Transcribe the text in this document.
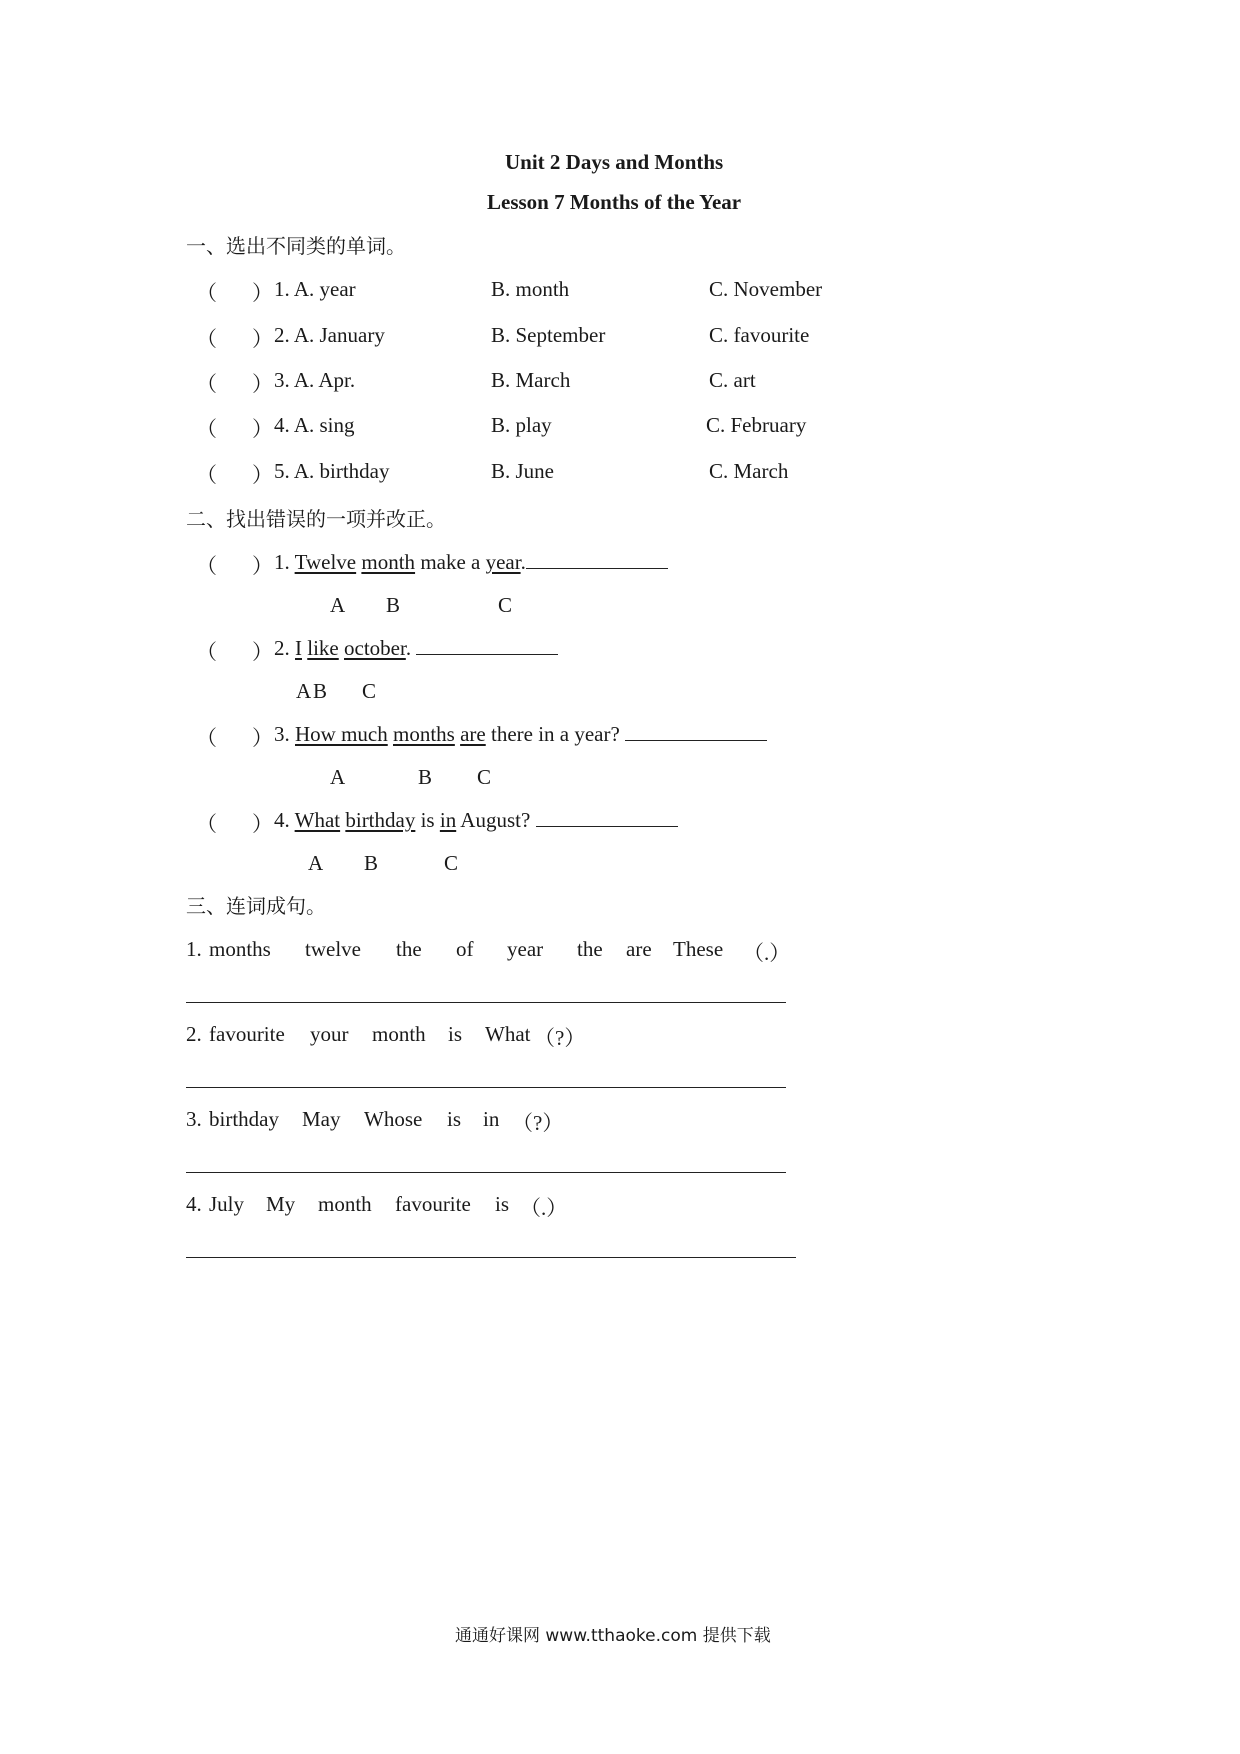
Unit 2 Days and Months
Lesson 7 Months of the Year
一、选出不同类的单词。
（ ） 1. A. year	B. month	C. November
（ ） 2. A. January	B. September	C. favourite
（ ） 3. A. Apr.	B. March	C. art
（ ） 4. A. sing	B. play	C. February
（ ） 5. A. birthday	B. June	C. March
二、找出错误的一项并改正。
（ ） 1. Twelve month make a year.
A B	C
（ ） 2. I like october.
A B C
（ ） 3. How much months are there in a year?
A	B C
（ ） 4. What birthday is in August?
A B	C
三、连词成句。
1. months twelve the of year the are These （.）
2. favourite your month is What （?）
3. birthday May Whose is in （?）
4. July My month favourite is （.）
通通好课网 www.tthaoke.com 提供下载
